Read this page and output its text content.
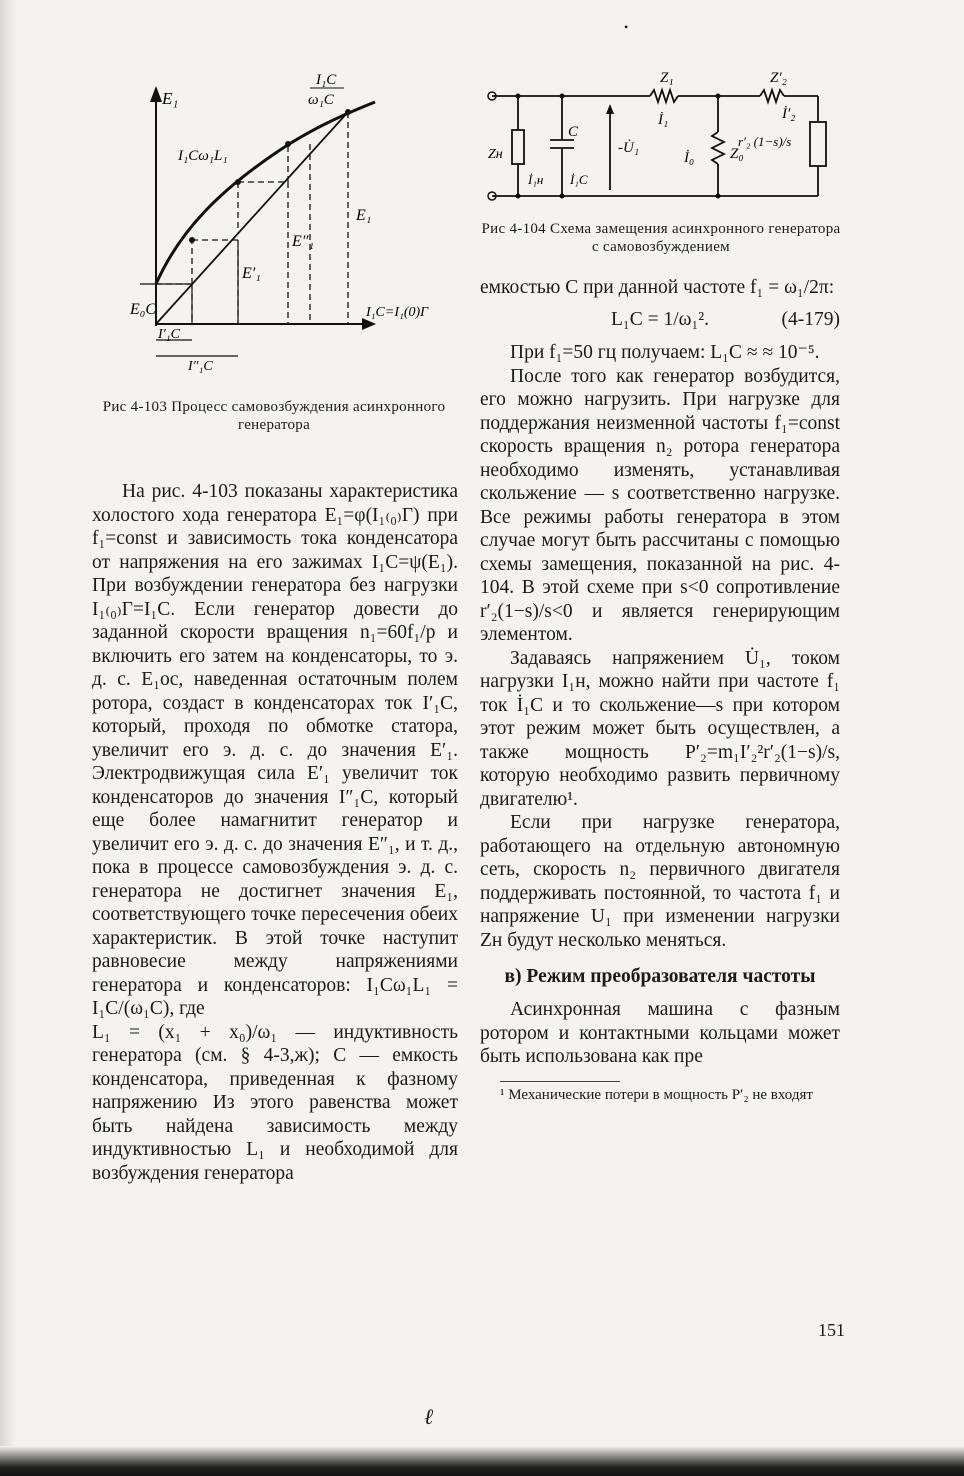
•
E₁
I₁C
ω₁C
I₁Cω₁L₁
E₀C
E′₁
E″₁
E₁
I₁C=I₁(0)Г
I′₁C
I″₁C
Рис 4-103 Процесс самовозбуждения асинхронного генератора
Z₁	Z′₂
İ₁	İ′₂
C
Zн	-U̇₁
İ₀ Z₀
r′₂ (1−s)/s
İ₁н İ₁C
Рис 4-104 Схема замещения асинхронного генератора с самовозбуждением

На рис. 4-103 показаны характеристика холостого хода генератора E₁=φ(I₁₍₀₎Г) при f₁=const и зависимость тока конденсатора от напряжения на его зажимах I₁C=ψ(E₁). При возбуждении генератора без нагрузки I₁₍₀₎Г=I₁C. Если генератор довести до заданной скорости вращения n₁=60f₁/p и включить его затем на конденсаторы, то э. д. с. E₁oc, наведенная остаточным полем ротора, создаст в конденсаторах ток I′₁C, который, проходя по обмотке статора, увеличит его э. д. с. до значения E′₁. Электродвижущая сила E′₁ увеличит ток конденсаторов до значения I″₁C, который еще более намагнитит генератор и увеличит его э. д. с. до значения E″₁, и т. д., пока в процессе самовозбуждения э. д. с. генератора не достигнет значения E₁, соответствующего точке пересечения обеих характеристик. В этой точке наступит равновесие между напряжениями генератора и конденсаторов: I₁Cω₁L₁ = I₁C/(ω₁C), где

L₁ = (x₁ + x₀)/ω₁ — индуктивность генератора (см. § 4-3,ж); C — емкость конденсатора, приведенная к фазному напряжению Из этого равенства может быть найдена зависимость между индуктивностью L₁ и необходимой для возбуждения генератора

емкостью C при данной частоте f₁ = ω₁/2π:

L₁C = 1/ω₁².	(4-179)

При f₁=50 гц получаем: L₁C ≈ ≈ 10⁻⁵.

После того как генератор возбудится, его можно нагрузить. При нагрузке для поддержания неизменной частоты f₁=const скорость вращения n₂ ротора генератора необходимо изменять, устанавливая скольжение — s соответственно нагрузке. Все режимы работы генератора в этом случае могут быть рассчитаны с помощью схемы замещения, показанной на рис. 4-104. В этой схеме при s<0 сопротивление r′₂(1−s)/s<0 и является генерирующим элементом.

Задаваясь напряжением U̇₁, током нагрузки I₁н, можно найти при частоте f₁ ток İ₁C и то скольжение—s при котором этот режим может быть осуществлен, а также мощность P′₂=m₁I′₂²r′₂(1−s)/s, которую необходимо развить первичному двигателю¹.

Если при нагрузке генератора, работающего на отдельную автономную сеть, скорость n₂ первичного двигателя поддерживать постоянной, то частота f₁ и напряжение U₁ при изменении нагрузки Zн будут несколько меняться.

в) Режим преобразователя частоты

Асинхронная машина с фазным ротором и контактными кольцами может быть использована как пре

¹ Механические потери в мощность P′₂ не входят
151
ℓ
